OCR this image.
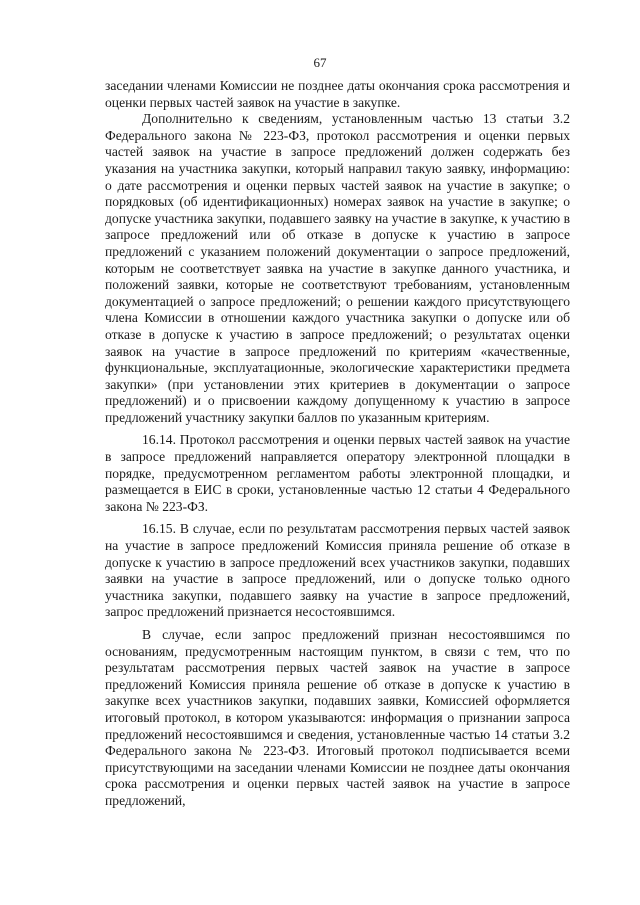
67

заседании членами Комиссии не позднее даты окончания срока рассмотрения и оценки первых частей заявок на участие в закупке.

Дополнительно к сведениям, установленным частью 13 статьи 3.2 Федерального закона № 223-ФЗ, протокол рассмотрения и оценки первых частей заявок на участие в запросе предложений должен содержать без указания на участника закупки, который направил такую заявку, информацию: о дате рассмотрения и оценки первых частей заявок на участие в закупке; о порядковых (об идентификационных) номерах заявок на участие в закупке; о допуске участника закупки, подавшего заявку на участие в закупке, к участию в запросе предложений или об отказе в допуске к участию в запросе предложений с указанием положений документации о запросе предложений, которым не соответствует заявка на участие в закупке данного участника, и положений заявки, которые не соответствуют требованиям, установленным документацией о запросе предложений; о решении каждого присутствующего члена Комиссии в отношении каждого участника закупки о допуске или об отказе в допуске к участию в запросе предложений; о результатах оценки заявок на участие в запросе предложений по критериям «качественные, функциональные, эксплуатационные, экологические характеристики предмета закупки» (при установлении этих критериев в документации о запросе предложений) и о присвоении каждому допущенному к участию в запросе предложений участнику закупки баллов по указанным критериям.

16.14. Протокол рассмотрения и оценки первых частей заявок на участие в запросе предложений направляется оператору электронной площадки в порядке, предусмотренном регламентом работы электронной площадки, и размещается в ЕИС в сроки, установленные частью 12 статьи 4 Федерального закона № 223-ФЗ.

16.15. В случае, если по результатам рассмотрения первых частей заявок на участие в запросе предложений Комиссия приняла решение об отказе в допуске к участию в запросе предложений всех участников закупки, подавших заявки на участие в запросе предложений, или о допуске только одного участника закупки, подавшего заявку на участие в запросе предложений, запрос предложений признается несостоявшимся.

В случае, если запрос предложений признан несостоявшимся по основаниям, предусмотренным настоящим пунктом, в связи с тем, что по результатам рассмотрения первых частей заявок на участие в запросе предложений Комиссия приняла решение об отказе в допуске к участию в закупке всех участников закупки, подавших заявки, Комиссией оформляется итоговый протокол, в котором указываются: информация о признании запроса предложений несостоявшимся и сведения, установленные частью 14 статьи 3.2 Федерального закона № 223-ФЗ. Итоговый протокол подписывается всеми присутствующими на заседании членами Комиссии не позднее даты окончания срока рассмотрения и оценки первых частей заявок на участие в запросе предложений,
